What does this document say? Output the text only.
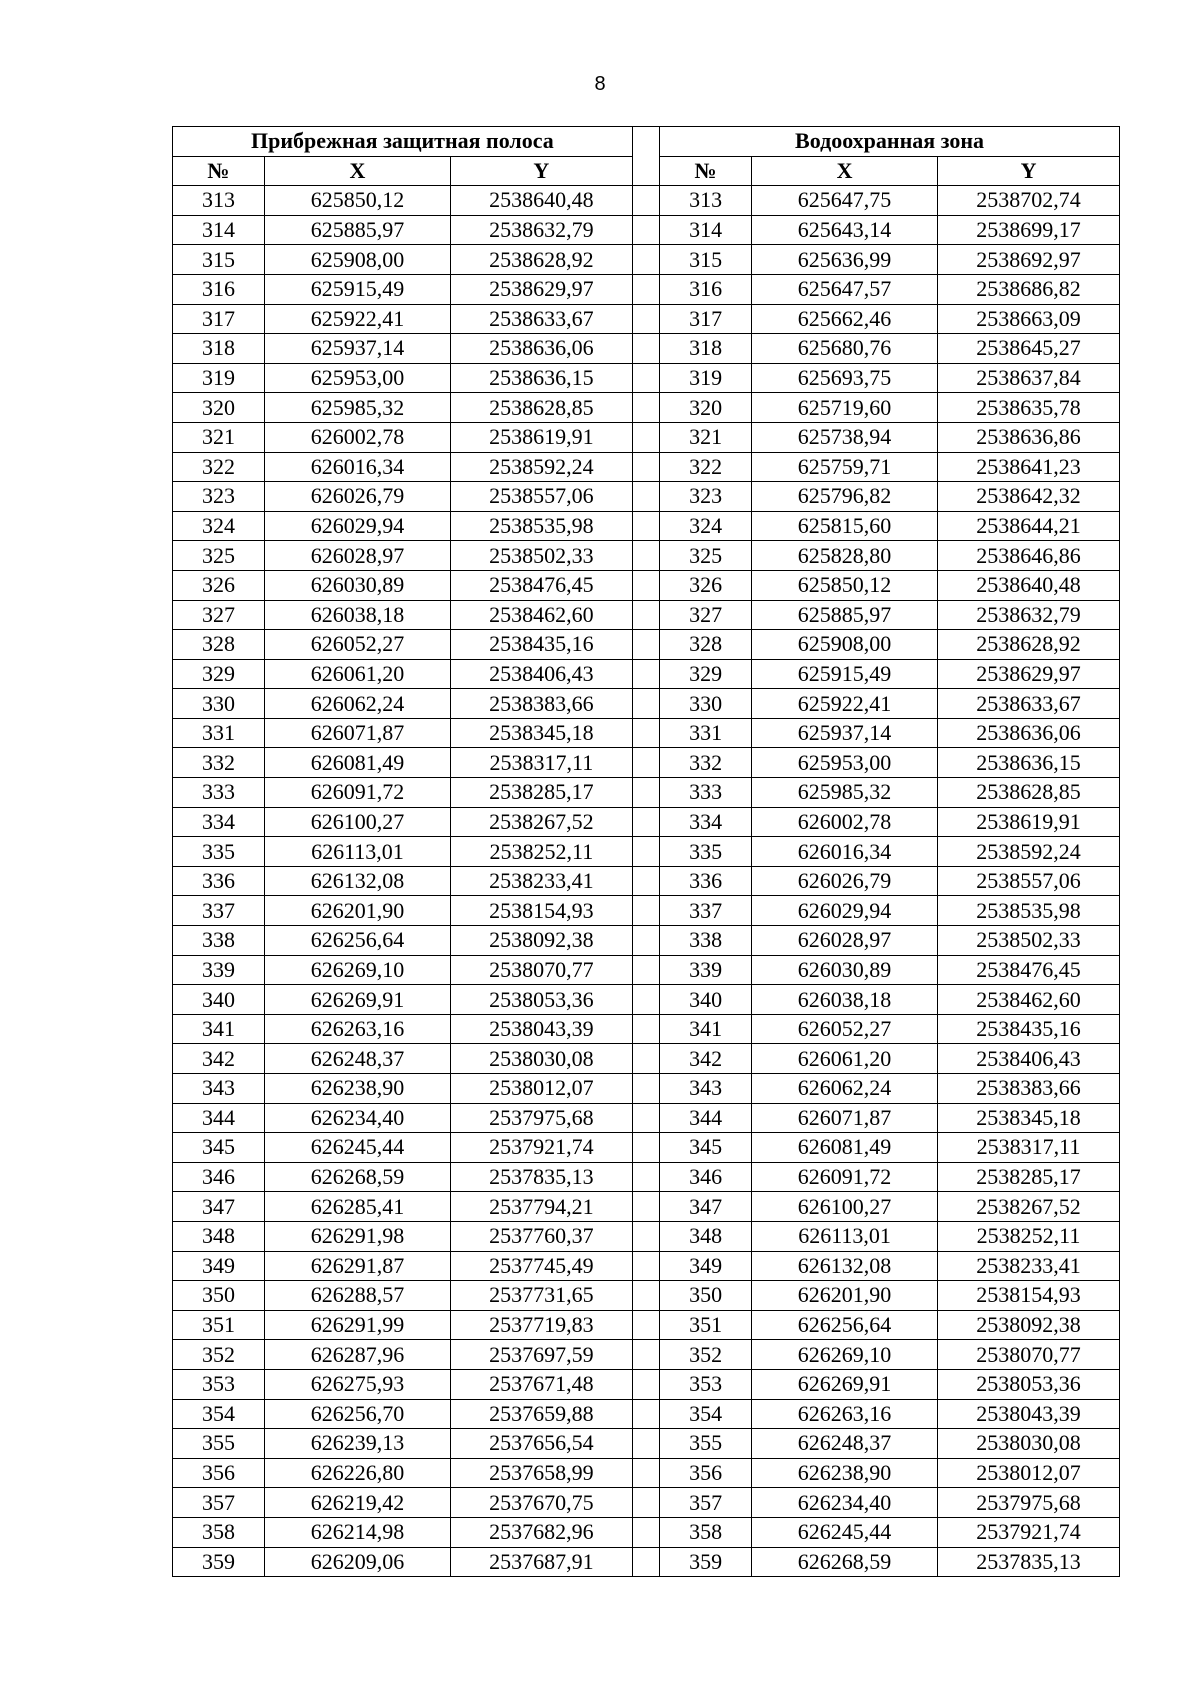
8
Прибрежная защитная полоса				Водоохранная зона		
№	X	Y		№	X	Y
313	625850,12	2538640,48		313	625647,75	2538702,74
314	625885,97	2538632,79		314	625643,14	2538699,17
315	625908,00	2538628,92		315	625636,99	2538692,97
316	625915,49	2538629,97		316	625647,57	2538686,82
317	625922,41	2538633,67		317	625662,46	2538663,09
318	625937,14	2538636,06		318	625680,76	2538645,27
319	625953,00	2538636,15		319	625693,75	2538637,84
320	625985,32	2538628,85		320	625719,60	2538635,78
321	626002,78	2538619,91		321	625738,94	2538636,86
322	626016,34	2538592,24		322	625759,71	2538641,23
323	626026,79	2538557,06		323	625796,82	2538642,32
324	626029,94	2538535,98		324	625815,60	2538644,21
325	626028,97	2538502,33		325	625828,80	2538646,86
326	626030,89	2538476,45		326	625850,12	2538640,48
327	626038,18	2538462,60		327	625885,97	2538632,79
328	626052,27	2538435,16		328	625908,00	2538628,92
329	626061,20	2538406,43		329	625915,49	2538629,97
330	626062,24	2538383,66		330	625922,41	2538633,67
331	626071,87	2538345,18		331	625937,14	2538636,06
332	626081,49	2538317,11		332	625953,00	2538636,15
333	626091,72	2538285,17		333	625985,32	2538628,85
334	626100,27	2538267,52		334	626002,78	2538619,91
335	626113,01	2538252,11		335	626016,34	2538592,24
336	626132,08	2538233,41		336	626026,79	2538557,06
337	626201,90	2538154,93		337	626029,94	2538535,98
338	626256,64	2538092,38		338	626028,97	2538502,33
339	626269,10	2538070,77		339	626030,89	2538476,45
340	626269,91	2538053,36		340	626038,18	2538462,60
341	626263,16	2538043,39		341	626052,27	2538435,16
342	626248,37	2538030,08		342	626061,20	2538406,43
343	626238,90	2538012,07		343	626062,24	2538383,66
344	626234,40	2537975,68		344	626071,87	2538345,18
345	626245,44	2537921,74		345	626081,49	2538317,11
346	626268,59	2537835,13		346	626091,72	2538285,17
347	626285,41	2537794,21		347	626100,27	2538267,52
348	626291,98	2537760,37		348	626113,01	2538252,11
349	626291,87	2537745,49		349	626132,08	2538233,41
350	626288,57	2537731,65		350	626201,90	2538154,93
351	626291,99	2537719,83		351	626256,64	2538092,38
352	626287,96	2537697,59		352	626269,10	2538070,77
353	626275,93	2537671,48		353	626269,91	2538053,36
354	626256,70	2537659,88		354	626263,16	2538043,39
355	626239,13	2537656,54		355	626248,37	2538030,08
356	626226,80	2537658,99		356	626238,90	2538012,07
357	626219,42	2537670,75		357	626234,40	2537975,68
358	626214,98	2537682,96		358	626245,44	2537921,74
359	626209,06	2537687,91		359	626268,59	2537835,13
